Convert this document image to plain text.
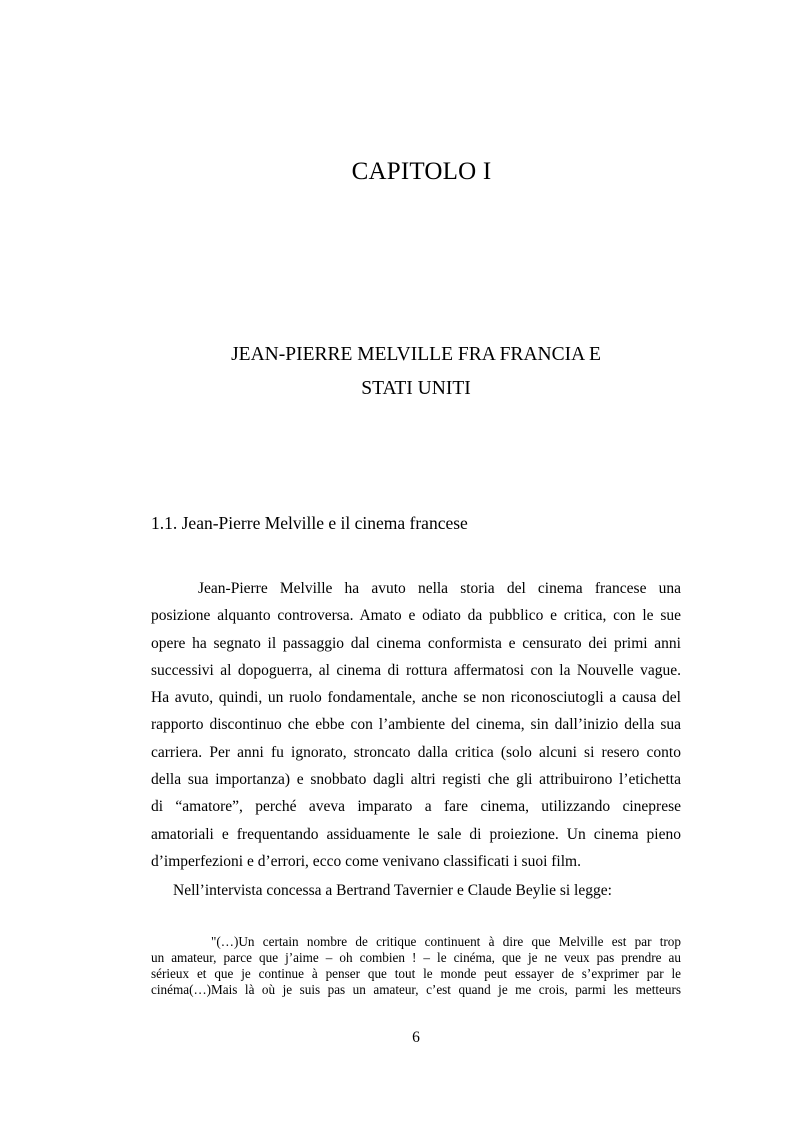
CAPITOLO I
JEAN-PIERRE MELVILLE FRA FRANCIA E
STATI UNITI
1.1. Jean-Pierre Melville e il cinema francese

Jean-Pierre Melville ha avuto nella storia del cinema francese una
posizione alquanto controversa. Amato e odiato da pubblico e critica, con le sue
opere ha segnato il passaggio dal cinema conformista e censurato dei primi anni
successivi al dopoguerra, al cinema di rottura affermatosi con la Nouvelle vague.
Ha avuto, quindi, un ruolo fondamentale, anche se non riconosciutogli a causa del
rapporto discontinuo che ebbe con l’ambiente del cinema, sin dall’inizio della sua
carriera. Per anni fu ignorato, stroncato dalla critica (solo alcuni si resero conto
della sua importanza) e snobbato dagli altri registi che gli attribuirono l’etichetta
di “amatore”, perché aveva imparato a fare cinema, utilizzando cineprese
amatoriali e frequentando assiduamente le sale di proiezione. Un cinema pieno
d’imperfezioni e d’errori, ecco come venivano classificati i suoi film.

Nell’intervista concessa a Bertrand Tavernier e Claude Beylie si legge:

"(…)Un certain nombre de critique continuent à dire que Melville est par trop
un amateur, parce que j’aime – oh combien ! – le cinéma, que je ne veux pas prendre au
sérieux et que je continue à penser que tout le monde peut essayer de s’exprimer par le
cinéma(…)Mais là où je suis pas un amateur, c’est quand je me crois, parmi les metteurs
6
